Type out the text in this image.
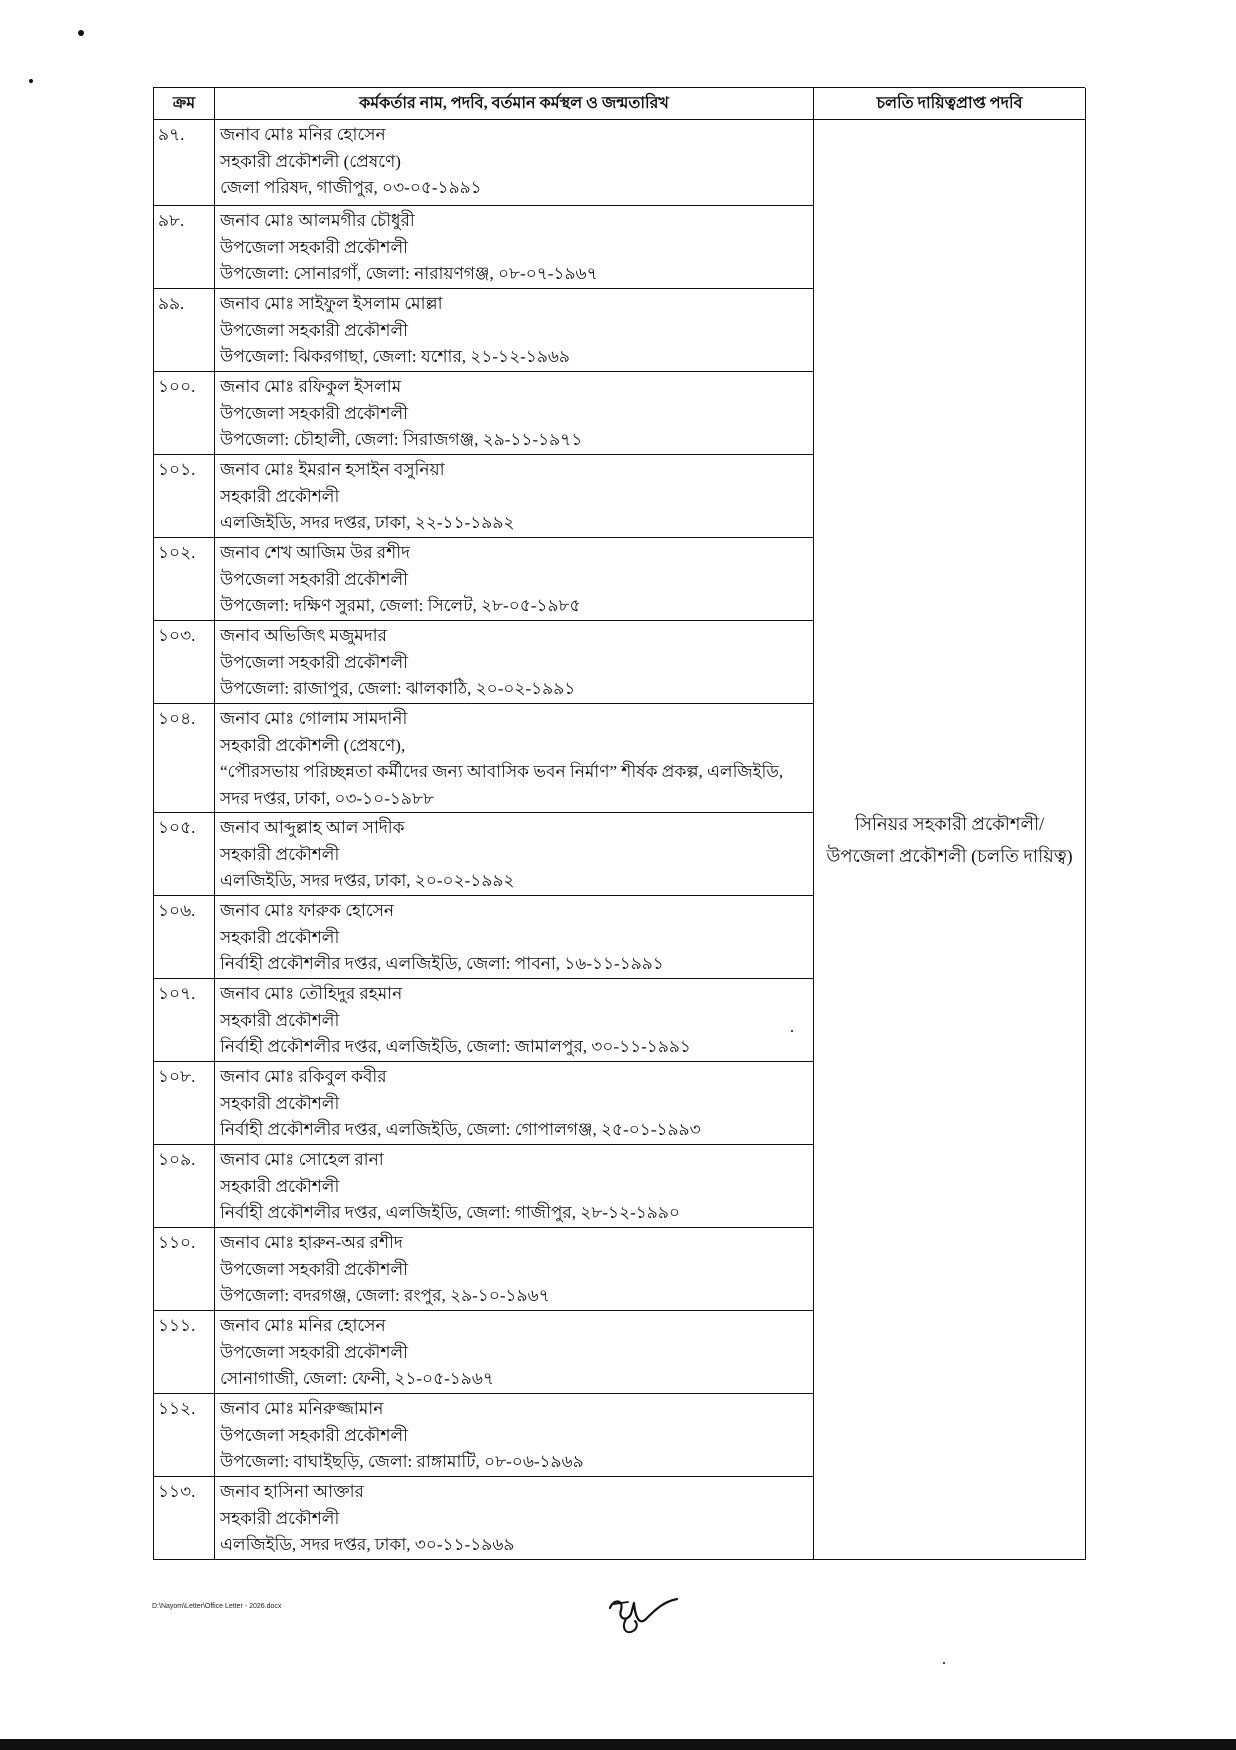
ক্রম	কর্মকর্তার নাম, পদবি, বর্তমান কর্মস্থল ও জন্মতারিখ	চলতি দায়িত্বপ্রাপ্ত পদবি
সিনিয়র সহকারী প্রকৌশলী/
উপজেলা প্রকৌশলী (চলতি দায়িত্ব)
৯৭.	জনাব মোঃ মনির হোসেন
সহকারী প্রকৌশলী (প্রেষণে)
জেলা পরিষদ, গাজীপুর, ০৩-০৫-১৯৯১
৯৮.	জনাব মোঃ আলমগীর চৌধুরী
উপজেলা সহকারী প্রকৌশলী
উপজেলা: সোনারগাঁ, জেলা: নারায়ণগঞ্জ, ০৮-০৭-১৯৬৭
৯৯.	জনাব মোঃ সাইফুল ইসলাম মোল্লা
উপজেলা সহকারী প্রকৌশলী
উপজেলা: ঝিকরগাছা, জেলা: যশোর, ২১-১২-১৯৬৯
১০০.	জনাব মোঃ রফিকুল ইসলাম
উপজেলা সহকারী প্রকৌশলী
উপজেলা: চৌহালী, জেলা: সিরাজগঞ্জ, ২৯-১১-১৯৭১
১০১.	জনাব মোঃ ইমরান হসাইন বসুনিয়া
সহকারী প্রকৌশলী
এলজিইডি, সদর দপ্তর, ঢাকা, ২২-১১-১৯৯২
১০২.	জনাব শেখ আজিম উর রশীদ
উপজেলা সহকারী প্রকৌশলী
উপজেলা: দক্ষিণ সুরমা, জেলা: সিলেট, ২৮-০৫-১৯৮৫
১০৩.	জনাব অভিজিৎ মজুমদার
উপজেলা সহকারী প্রকৌশলী
উপজেলা: রাজাপুর, জেলা: ঝালকাঠি, ২০-০২-১৯৯১
১০৪.	জনাব মোঃ গোলাম সামদানী
সহকারী প্রকৌশলী (প্রেষণে),
“পৌরসভায় পরিচ্ছন্নতা কর্মীদের জন্য আবাসিক ভবন নির্মাণ” শীর্ষক প্রকল্প, এলজিইডি,
সদর দপ্তর, ঢাকা, ০৩-১০-১৯৮৮
১০৫.	জনাব আব্দুল্লাহ আল সাদীক
সহকারী প্রকৌশলী
এলজিইডি, সদর দপ্তর, ঢাকা, ২০-০২-১৯৯২
১০৬.	জনাব মোঃ ফারুক হোসেন
সহকারী প্রকৌশলী
নির্বাহী প্রকৌশলীর দপ্তর, এলজিইডি, জেলা: পাবনা, ১৬-১১-১৯৯১
১০৭.	জনাব মোঃ তৌহিদুর রহমান
সহকারী প্রকৌশলী
নির্বাহী প্রকৌশলীর দপ্তর, এলজিইডি, জেলা: জামালপুর, ৩০-১১-১৯৯১
১০৮.	জনাব মোঃ রকিবুল কবীর
সহকারী প্রকৌশলী
নির্বাহী প্রকৌশলীর দপ্তর, এলজিইডি, জেলা: গোপালগঞ্জ, ২৫-০১-১৯৯৩
১০৯.	জনাব মোঃ সোহেল রানা
সহকারী প্রকৌশলী
নির্বাহী প্রকৌশলীর দপ্তর, এলজিইডি, জেলা: গাজীপুর, ২৮-১২-১৯৯০
১১০.	জনাব মোঃ হারুন-অর রশীদ
উপজেলা সহকারী প্রকৌশলী
উপজেলা: বদরগঞ্জ, জেলা: রংপুর, ২৯-১০-১৯৬৭
১১১.	জনাব মোঃ মনির হোসেন
উপজেলা সহকারী প্রকৌশলী
সোনাগাজী, জেলা: ফেনী, ২১-০৫-১৯৬৭
১১২.	জনাব মোঃ মনিরুজ্জামান
উপজেলা সহকারী প্রকৌশলী
উপজেলা: বাঘাইছড়ি, জেলা: রাঙ্গামাটি, ০৮-০৬-১৯৬৯
১১৩.	জনাব হাসিনা আক্তার
সহকারী প্রকৌশলী
এলজিইডি, সদর দপ্তর, ঢাকা, ৩০-১১-১৯৬৯
D:\Nayom\Letter\Office Letter - 2026.docx
